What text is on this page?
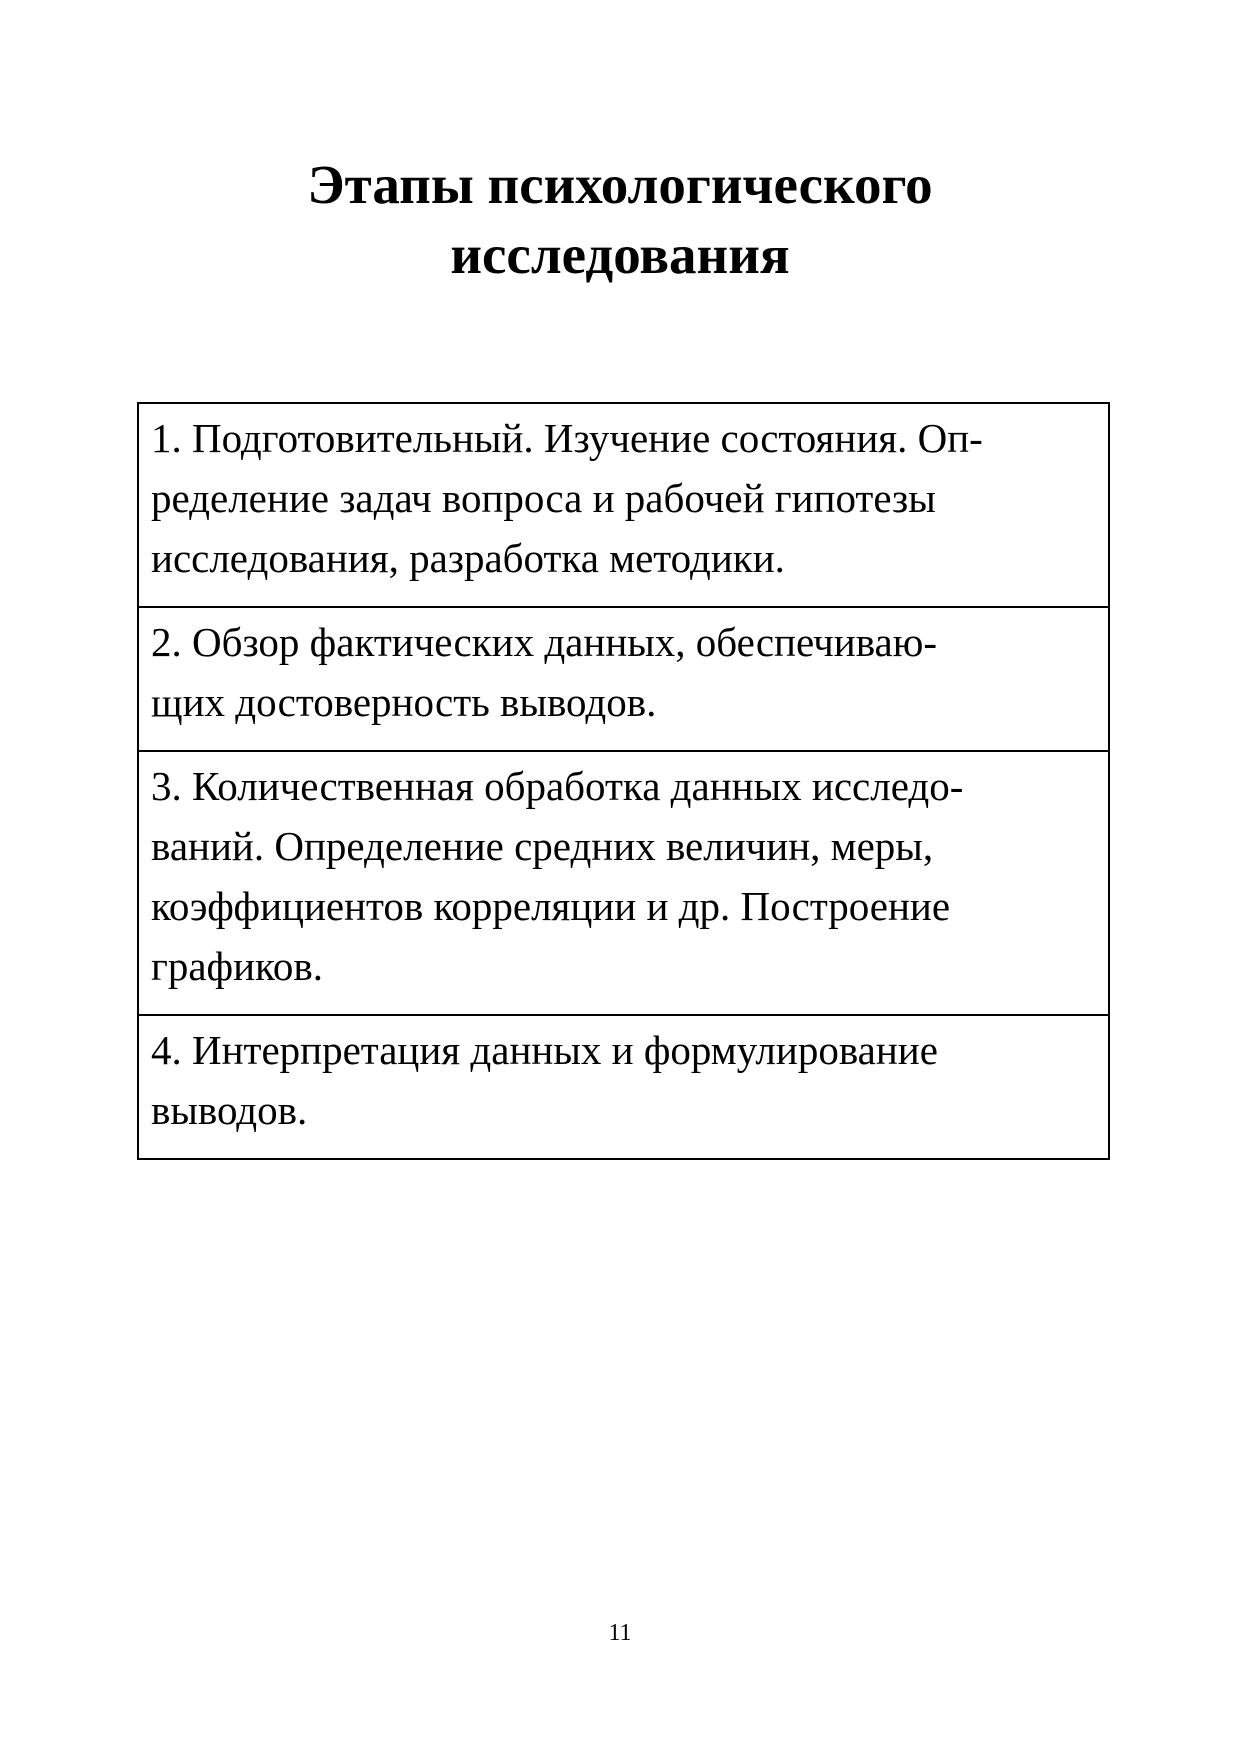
Этапы психологического
исследования
1. Подготовительный. Изучение состояния. Оп-
ределение задач вопроса и рабочей гипотезы
исследования, разработка методики.

2. Обзор фактических данных, обеспечиваю-
щих достоверность выводов.

3. Количественная обработка данных исследо-
ваний. Определение средних величин, меры,
коэффициентов корреляции и др. Построение
графиков.

4. Интерпретация данных и формулирование
выводов.
11
